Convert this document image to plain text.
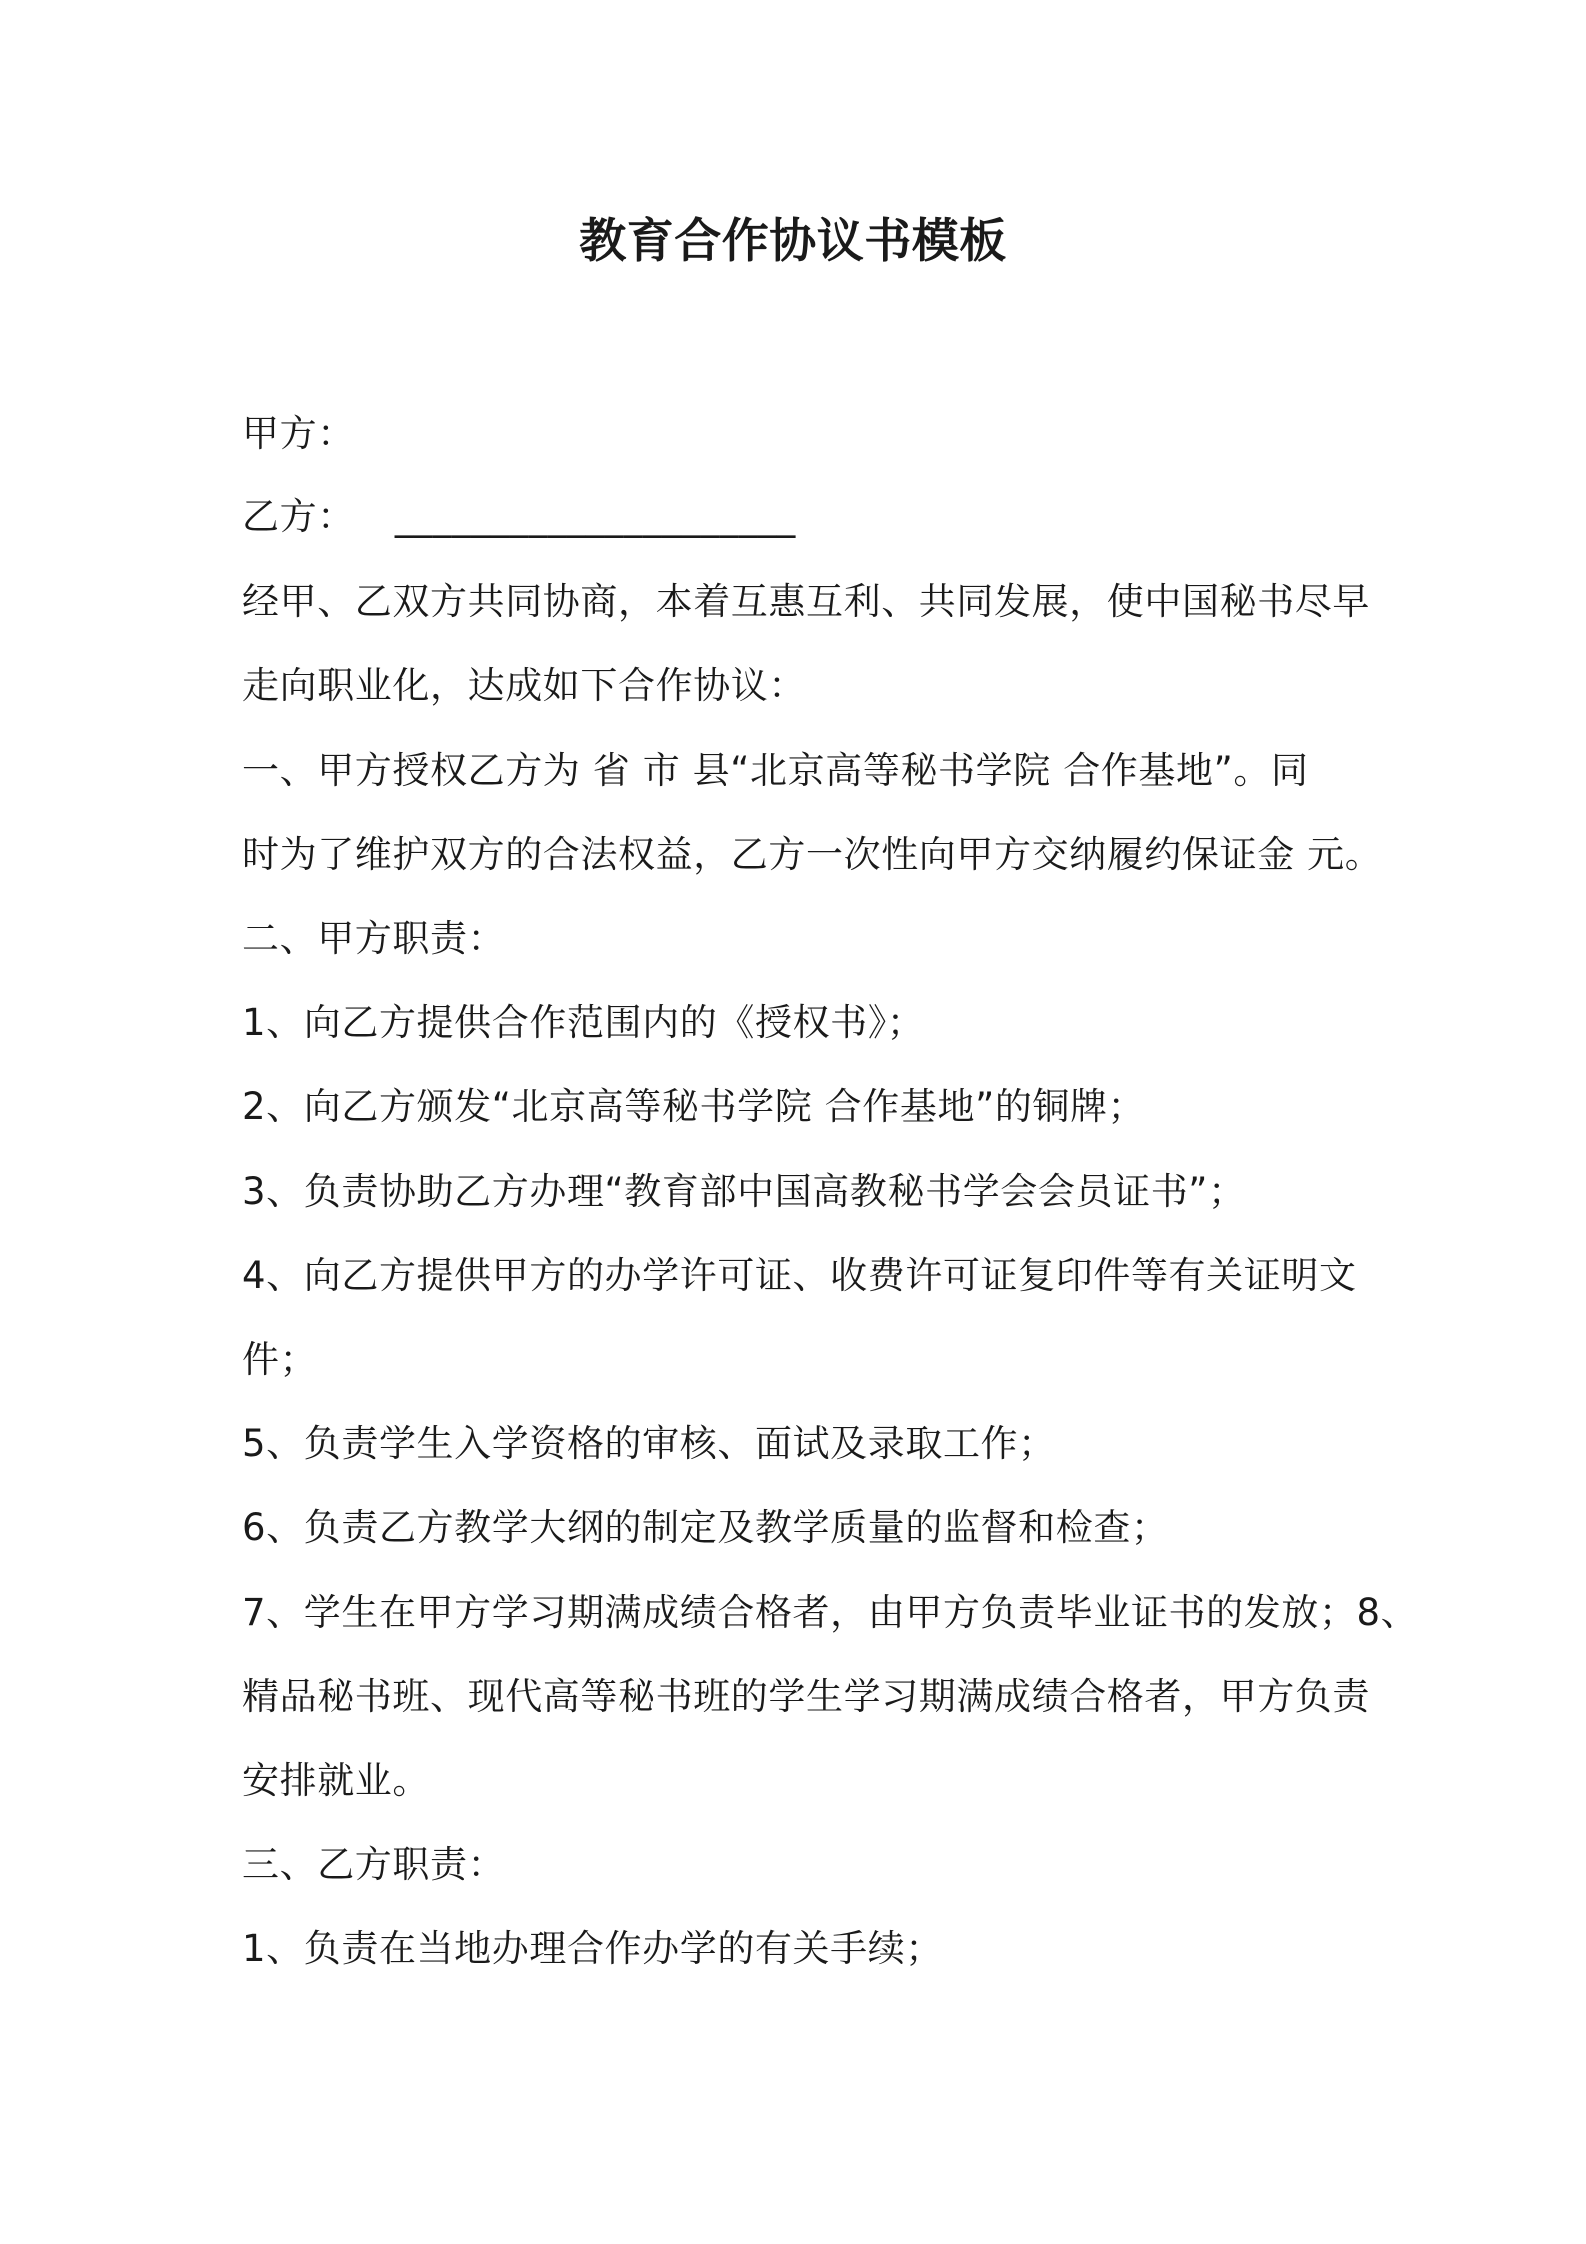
教育合作协议书模板
甲方：
乙方： _____________________
经甲、乙双方共同协商，本着互惠互利、共同发展，使中国秘书尽早
走向职业化，达成如下合作协议：
一、甲方授权乙方为 省 市 县“北京高等秘书学院 合作基地”。同
时为了维护双方的合法权益，乙方一次性向甲方交纳履约保证金 元。
二、甲方职责：
1、向乙方提供合作范围内的《授权书》；
2、向乙方颁发“北京高等秘书学院 合作基地”的铜牌；
3、负责协助乙方办理“教育部中国高教秘书学会会员证书”；
4、向乙方提供甲方的办学许可证、收费许可证复印件等有关证明文
件；
5、负责学生入学资格的审核、面试及录取工作；
6、负责乙方教学大纲的制定及教学质量的监督和检查；
7、学生在甲方学习期满成绩合格者，由甲方负责毕业证书的发放；8、
精品秘书班、现代高等秘书班的学生学习期满成绩合格者，甲方负责
安排就业。
三、乙方职责：
1、负责在当地办理合作办学的有关手续；
